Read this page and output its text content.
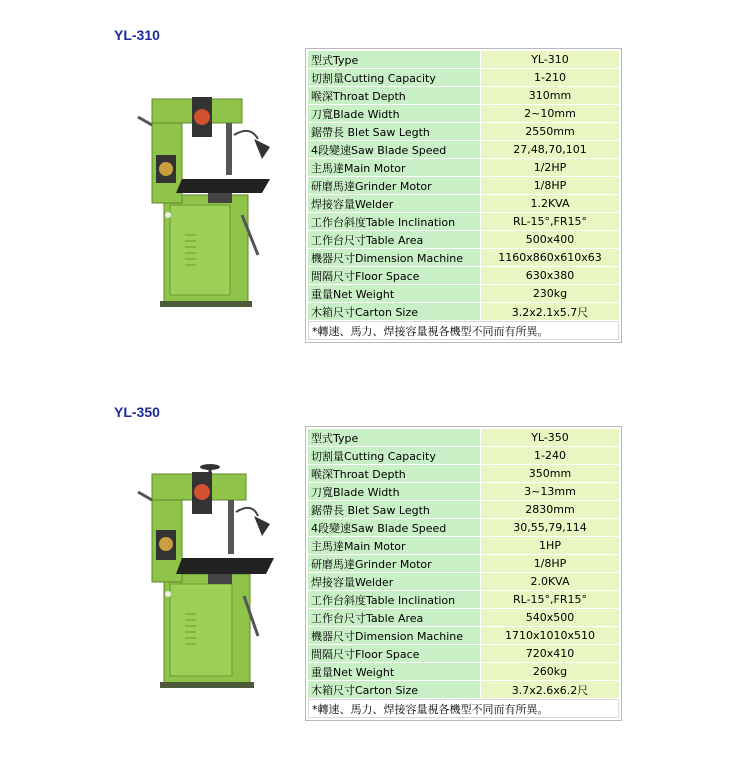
YL-310
型式Type	YL-310
切割量Cutting Capacity	1-210
喉深Throat Depth	310mm
刀寬Blade Width	2~10mm
鋸帶長 Blet Saw Legth	2550mm
4段變速Saw Blade Speed	27,48,70,101
主馬達Main Motor	1/2HP
研磨馬達Grinder Motor	1/8HP
焊接容量Welder	1.2KVA
工作台斜度Table Inclination	RL-15°,FR15°
工作台尺寸Table Area	500x400
機器尺寸Dimension Machine	1160x860x610x63
間隔尺寸Floor Space	630x380
重量Net Weight	230kg
木箱尺寸Carton Size	3.2x2.1x5.7尺
*轉速、馬力、焊接容量視各機型不同而有所異。	
YL-350
型式Type	YL-350
切割量Cutting Capacity	1-240
喉深Throat Depth	350mm
刀寬Blade Width	3~13mm
鋸帶長 Blet Saw Legth	2830mm
4段變速Saw Blade Speed	30,55,79,114
主馬達Main Motor	1HP
研磨馬達Grinder Motor	1/8HP
焊接容量Welder	2.0KVA
工作台斜度Table Inclination	RL-15°,FR15°
工作台尺寸Table Area	540x500
機器尺寸Dimension Machine	1710x1010x510
間隔尺寸Floor Space	720x410
重量Net Weight	260kg
木箱尺寸Carton Size	3.7x2.6x6.2尺
*轉速、馬力、焊接容量視各機型不同而有所異。	
